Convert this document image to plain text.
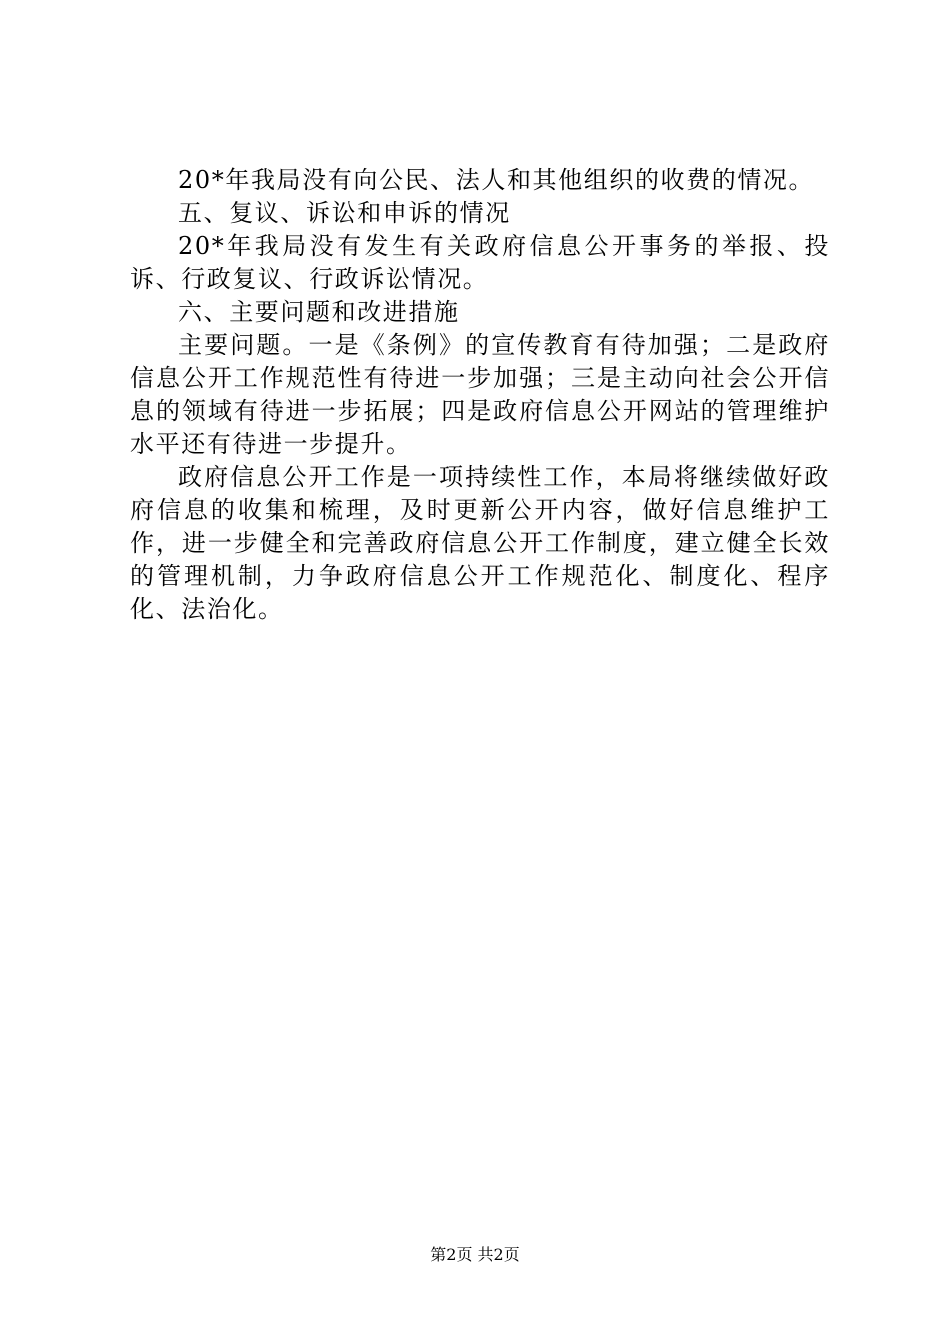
20*年我局没有向公民、法人和其他组织的收费的情况。

五、复议、诉讼和申诉的情况

20*年我局没有发生有关政府信息公开事务的举报、投诉、行政复议、行政诉讼情况。

六、主要问题和改进措施

主要问题。一是《条例》的宣传教育有待加强；二是政府信息公开工作规范性有待进一步加强；三是主动向社会公开信息的领域有待进一步拓展；四是政府信息公开网站的管理维护水平还有待进一步提升。

政府信息公开工作是一项持续性工作，本局将继续做好政府信息的收集和梳理，及时更新公开内容，做好信息维护工作，进一步健全和完善政府信息公开工作制度，建立健全长效的管理机制，力争政府信息公开工作规范化、制度化、程序化、法治化。

第2页 共2页
